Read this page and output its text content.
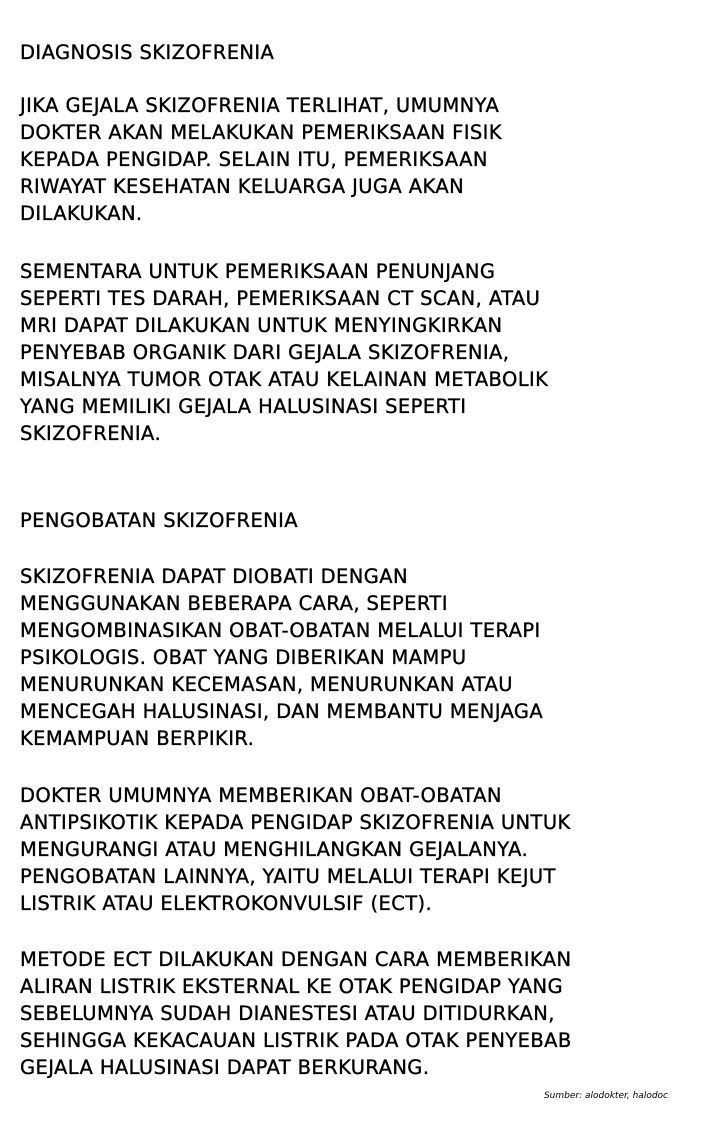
DIAGNOSIS SKIZOFRENIA

JIKA GEJALA SKIZOFRENIA TERLIHAT, UMUMNYA
DOKTER AKAN MELAKUKAN PEMERIKSAAN FISIK
KEPADA PENGIDAP. SELAIN ITU, PEMERIKSAAN
RIWAYAT KESEHATAN KELUARGA JUGA AKAN
DILAKUKAN.

SEMENTARA UNTUK PEMERIKSAAN PENUNJANG
SEPERTI TES DARAH, PEMERIKSAAN CT SCAN, ATAU
MRI DAPAT DILAKUKAN UNTUK MENYINGKIRKAN
PENYEBAB ORGANIK DARI GEJALA SKIZOFRENIA,
MISALNYA TUMOR OTAK ATAU KELAINAN METABOLIK
YANG MEMILIKI GEJALA HALUSINASI SEPERTI
SKIZOFRENIA.

PENGOBATAN SKIZOFRENIA

SKIZOFRENIA DAPAT DIOBATI DENGAN
MENGGUNAKAN BEBERAPA CARA, SEPERTI
MENGOMBINASIKAN OBAT-OBATAN MELALUI TERAPI
PSIKOLOGIS. OBAT YANG DIBERIKAN MAMPU
MENURUNKAN KECEMASAN, MENURUNKAN ATAU
MENCEGAH HALUSINASI, DAN MEMBANTU MENJAGA
KEMAMPUAN BERPIKIR.

DOKTER UMUMNYA MEMBERIKAN OBAT-OBATAN
ANTIPSIKOTIK KEPADA PENGIDAP SKIZOFRENIA UNTUK
MENGURANGI ATAU MENGHILANGKAN GEJALANYA.
PENGOBATAN LAINNYA, YAITU MELALUI TERAPI KEJUT
LISTRIK ATAU ELEKTROKONVULSIF (ECT).

METODE ECT DILAKUKAN DENGAN CARA MEMBERIKAN
ALIRAN LISTRIK EKSTERNAL KE OTAK PENGIDAP YANG
SEBELUMNYA SUDAH DIANESTESI ATAU DITIDURKAN,
SEHINGGA KEKACAUAN LISTRIK PADA OTAK PENYEBAB
GEJALA HALUSINASI DAPAT BERKURANG.

Sumber: alodokter, halodoc
